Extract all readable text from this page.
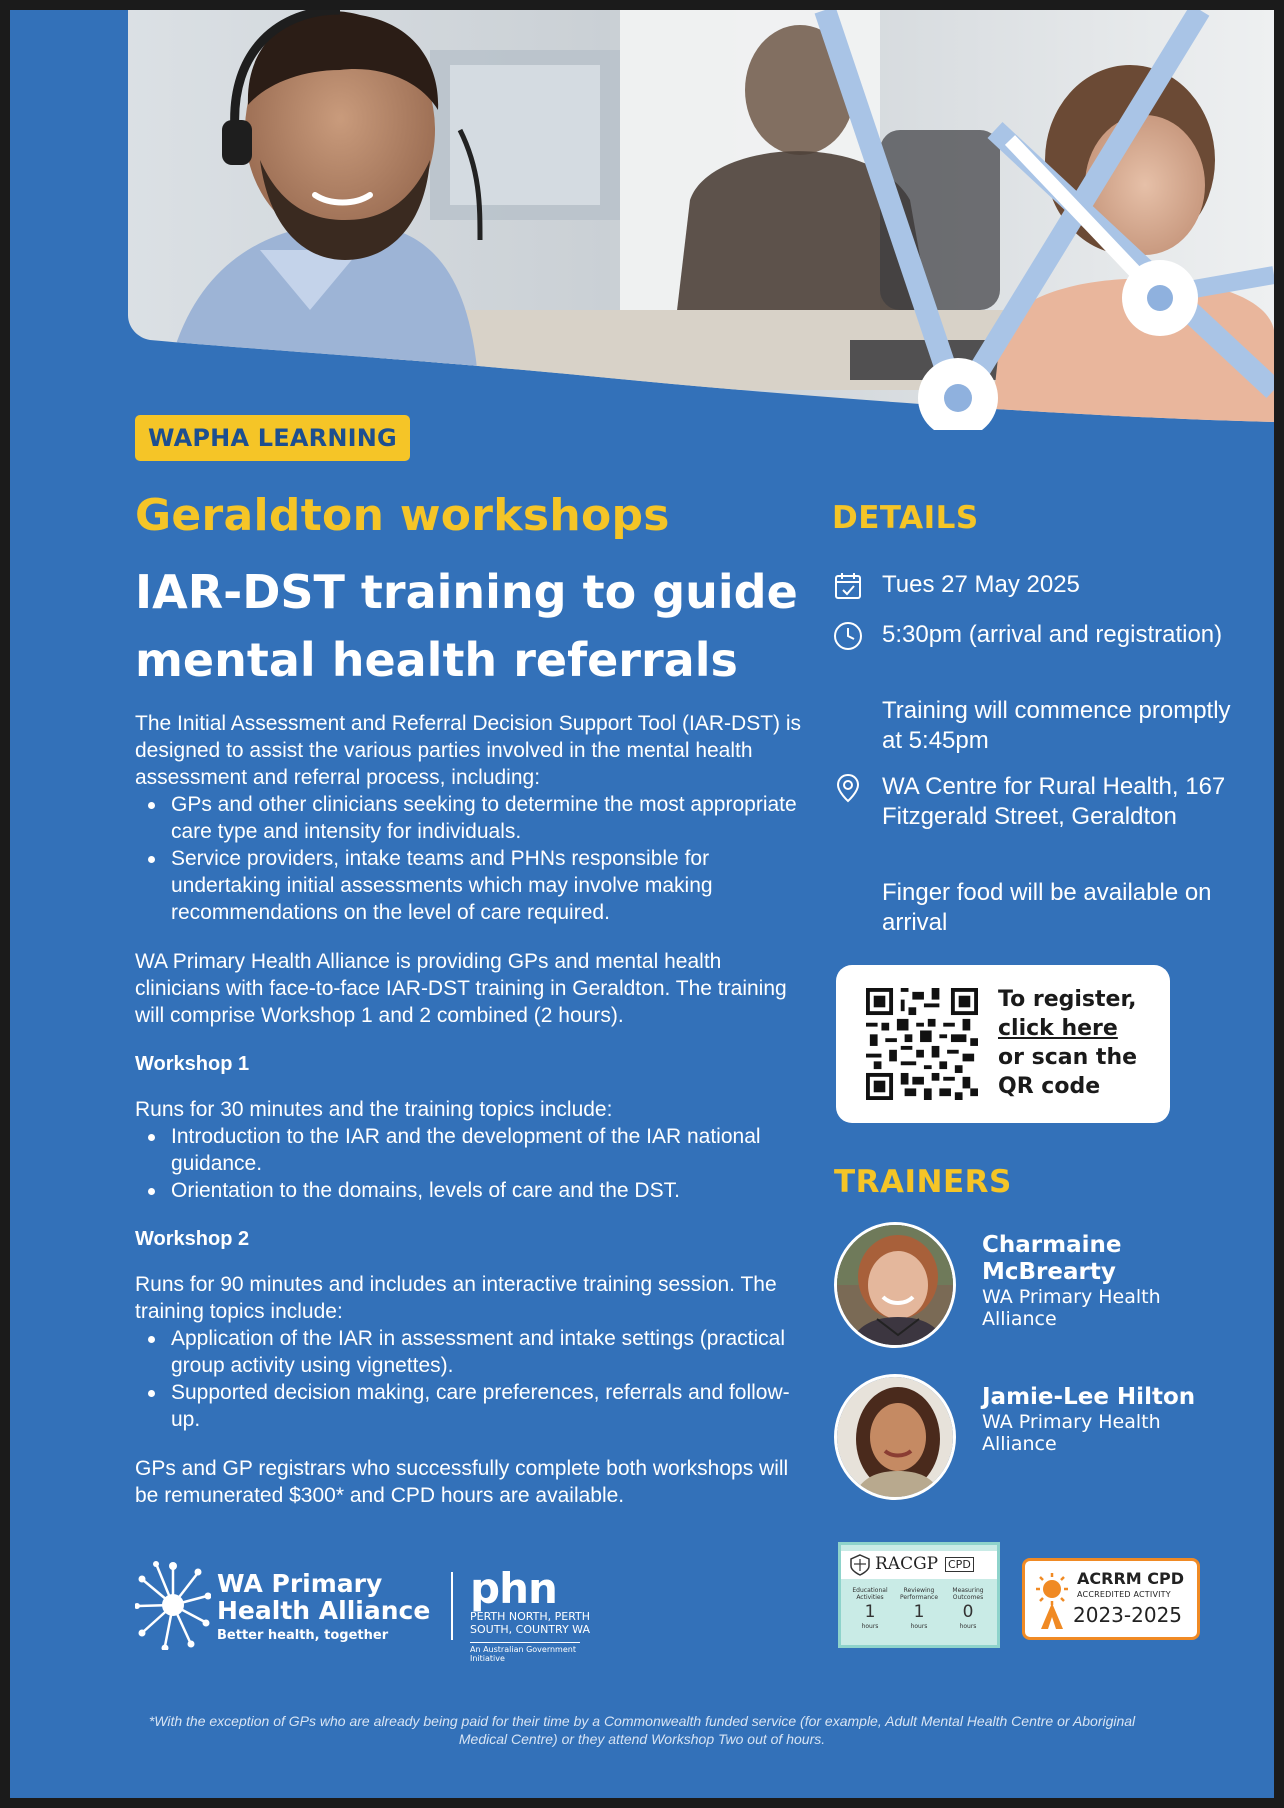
WAPHA LEARNING
Geraldton workshops
IAR-DST training to guide mental health referrals

The Initial Assessment and Referral Decision Support Tool (IAR-DST) is designed to assist the various parties involved in the mental health assessment and referral process, including:

GPs and other clinicians seeking to determine the most appropriate care type and intensity for individuals.
Service providers, intake teams and PHNs responsible for undertaking initial assessments which may involve making recommendations on the level of care required.

WA Primary Health Alliance is providing GPs and mental health clinicians with face-to-face IAR-DST training in Geraldton. The training will comprise Workshop 1 and 2 combined (2 hours).

Workshop 1

Runs for 30 minutes and the training topics include:

Introduction to the IAR and the development of the IAR national guidance.
Orientation to the domains, levels of care and the DST.
Workshop 2

Runs for 90 minutes and includes an interactive training session. The training topics include:

Application of the IAR in assessment and intake settings (practical group activity using vignettes).
Supported decision making, care preferences, referrals and follow-up.

GPs and GP registrars who successfully complete both workshops will be remunerated $300* and CPD hours are available.

DETAILS
Tues 27 May 2025
5:30pm (arrival and registration)
Training will commence promptly at 5:45pm
WA Centre for Rural Health, 167 Fitzgerald Street, Geraldton
Finger food will be available on arrival
To register,
click here
or scan the QR code
TRAINERS
Charmaine McBrearty
WA Primary Health Alliance
Jamie-Lee Hilton
WA Primary Health Alliance
WA Primary
Health Alliance
Better health, together
phn
PERTH NORTH, PERTH SOUTH, COUNTRY WA
An Australian Government Initiative
RACGP CPD
Educational Activities
1
hours
Reviewing Performance
1
hours
Measuring Outcomes
0
hours
ACRRM CPD
ACCREDITED ACTIVITY
2023-2025
*With the exception of GPs who are already being paid for their time by a Commonwealth funded service (for example, Adult Mental Health Centre or Aboriginal Medical Centre) or they attend Workshop Two out of hours.
